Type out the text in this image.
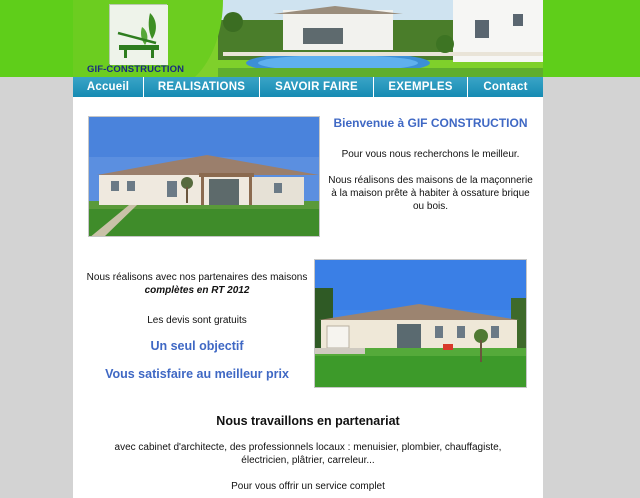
GIF-CONSTRUCTION
Accueil	REALISATIONS	SAVOIR FAIRE	EXEMPLES	Contact
Bienvenue à GIF CONSTRUCTION

Pour vous nous recherchons le meilleur.

Nous réalisons des maisons de la maçonnerie à la maison prête à habiter à ossature brique ou bois.

Nous réalisons avec nos partenaires des maisons complètes en RT 2012

Les devis sont gratuits

Un seul objectif

Vous satisfaire au meilleur prix

Nous travaillons en partenariat

avec cabinet d'architecte, des professionnels locaux : menuisier, plombier, chauffagiste, électricien, plâtrier, carreleur...

Pour vous offrir un service complet
